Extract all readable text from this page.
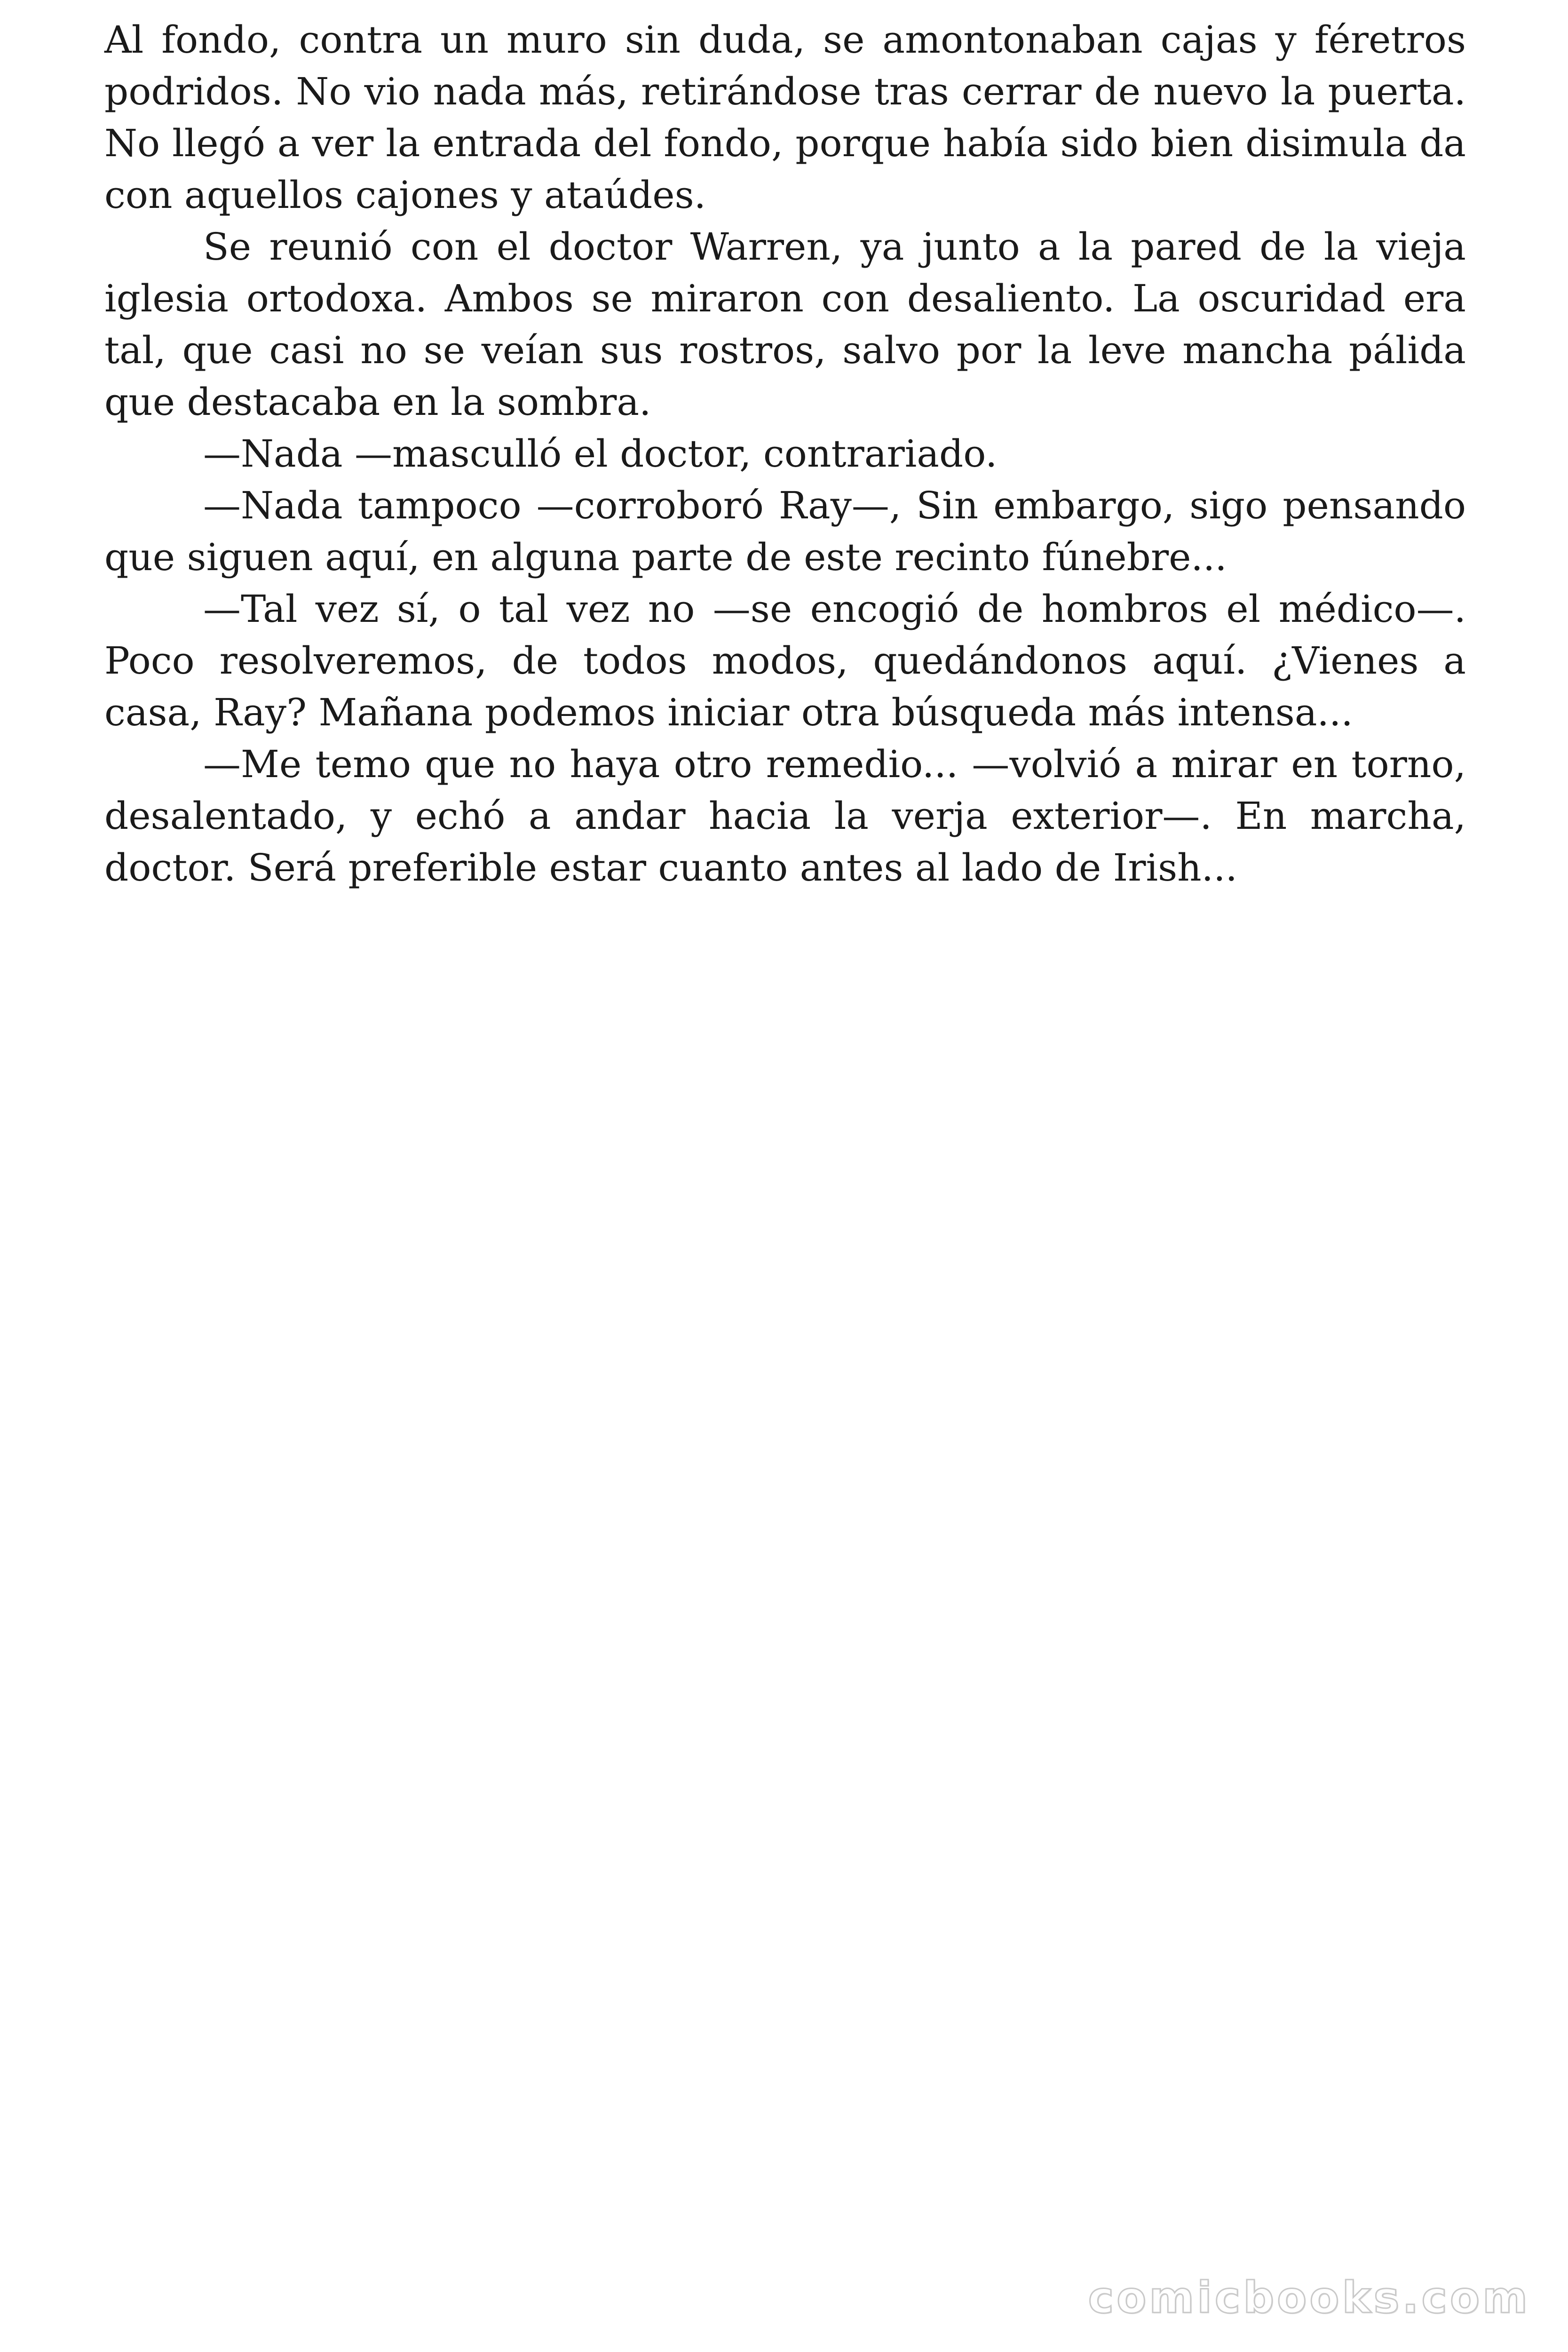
Al fondo, contra un muro sin duda, se amontonaban cajas y féretros podridos. No vio nada más, retirándose tras cerrar de nuevo la puerta. No llegó a ver la entrada del fondo, porque había sido bien disimula da con aquellos cajones y ataúdes.

Se reunió con el doctor Warren, ya junto a la pared de la vieja iglesia ortodoxa. Ambos se miraron con desaliento. La oscuridad era tal, que casi no se veían sus rostros, salvo por la leve mancha pálida que destacaba en la sombra.

—Nada —mascullό el doctor, contrariado.

—Nada tampoco —corroboró Ray—, Sin embargo, sigo pensando que siguen aquí, en alguna parte de este recinto fúnebre...

—Tal vez sí, o tal vez no —se encogió de hombros el médico—. Poco resolveremos, de todos modos, quedándonos aquí. ¿Vienes a casa, Ray? Mañana podemos iniciar otra búsqueda más intensa...

—Me temo que no haya otro remedio... —volvió a mirar en torno, desalentado, y echó a andar hacia la verja exterior—. En marcha, doctor. Será preferible estar cuanto antes al lado de Irish...

comicbooks.com
